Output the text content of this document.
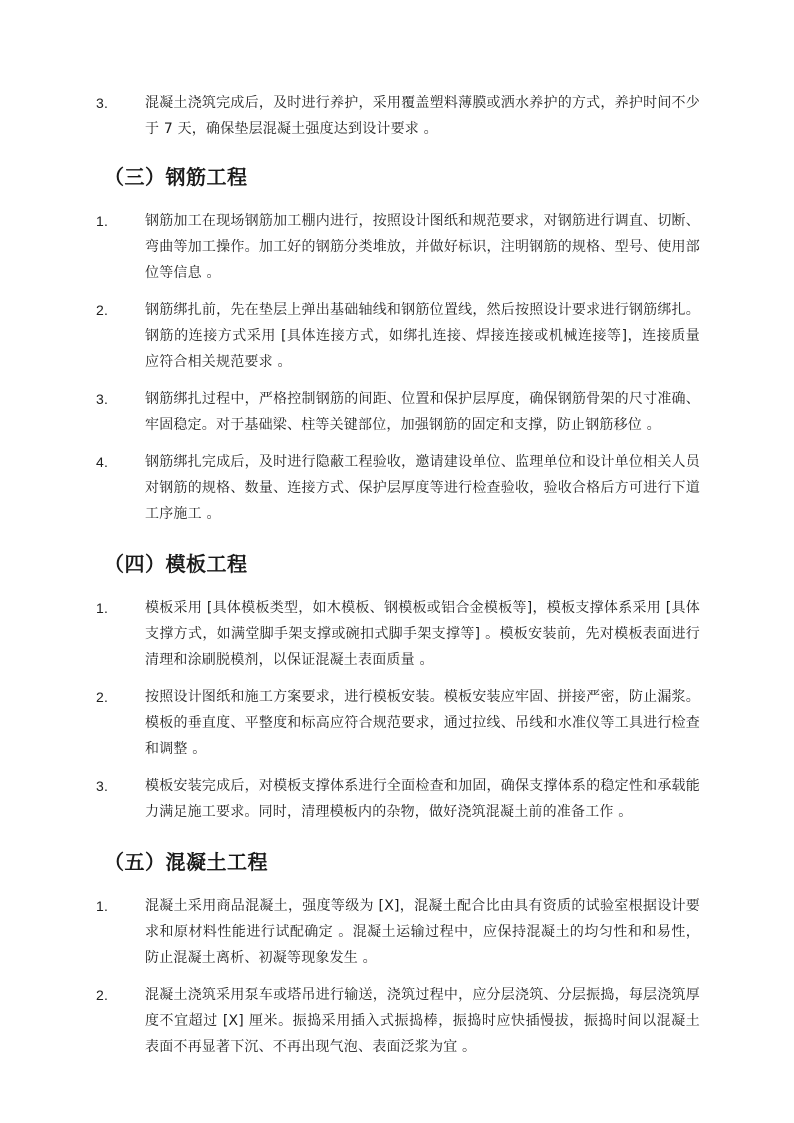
3.	混凝土浇筑完成后，及时进行养护，采用覆盖塑料薄膜或洒水养护的方式，养护时间不少于 7 天，确保垫层混凝土强度达到设计要求 。
（三）钢筋工程
1.	钢筋加工在现场钢筋加工棚内进行，按照设计图纸和规范要求，对钢筋进行调直、切断、弯曲等加工操作。加工好的钢筋分类堆放，并做好标识，注明钢筋的规格、型号、使用部位等信息 。
2.	钢筋绑扎前，先在垫层上弹出基础轴线和钢筋位置线，然后按照设计要求进行钢筋绑扎。钢筋的连接方式采用 [具体连接方式，如绑扎连接、焊接连接或机械连接等]，连接质量应符合相关规范要求 。
3.	钢筋绑扎过程中，严格控制钢筋的间距、位置和保护层厚度，确保钢筋骨架的尺寸准确、牢固稳定。对于基础梁、柱等关键部位，加强钢筋的固定和支撑，防止钢筋移位 。
4.	钢筋绑扎完成后，及时进行隐蔽工程验收，邀请建设单位、监理单位和设计单位相关人员对钢筋的规格、数量、连接方式、保护层厚度等进行检查验收，验收合格后方可进行下道工序施工 。
（四）模板工程
1.	模板采用 [具体模板类型，如木模板、钢模板或铝合金模板等]，模板支撑体系采用 [具体支撑方式，如满堂脚手架支撑或碗扣式脚手架支撑等] 。模板安装前，先对模板表面进行清理和涂刷脱模剂，以保证混凝土表面质量 。
2.	按照设计图纸和施工方案要求，进行模板安装。模板安装应牢固、拼接严密，防止漏浆。模板的垂直度、平整度和标高应符合规范要求，通过拉线、吊线和水准仪等工具进行检查和调整 。
3.	模板安装完成后，对模板支撑体系进行全面检查和加固，确保支撑体系的稳定性和承载能力满足施工要求。同时，清理模板内的杂物，做好浇筑混凝土前的准备工作 。
（五）混凝土工程
1.	混凝土采用商品混凝土，强度等级为 [X]，混凝土配合比由具有资质的试验室根据设计要求和原材料性能进行试配确定 。混凝土运输过程中，应保持混凝土的均匀性和和易性，防止混凝土离析、初凝等现象发生 。
2.	混凝土浇筑采用泵车或塔吊进行输送，浇筑过程中，应分层浇筑、分层振捣，每层浇筑厚度不宜超过 [X] 厘米。振捣采用插入式振捣棒，振捣时应快插慢拔，振捣时间以混凝土表面不再显著下沉、不再出现气泡、表面泛浆为宜 。
